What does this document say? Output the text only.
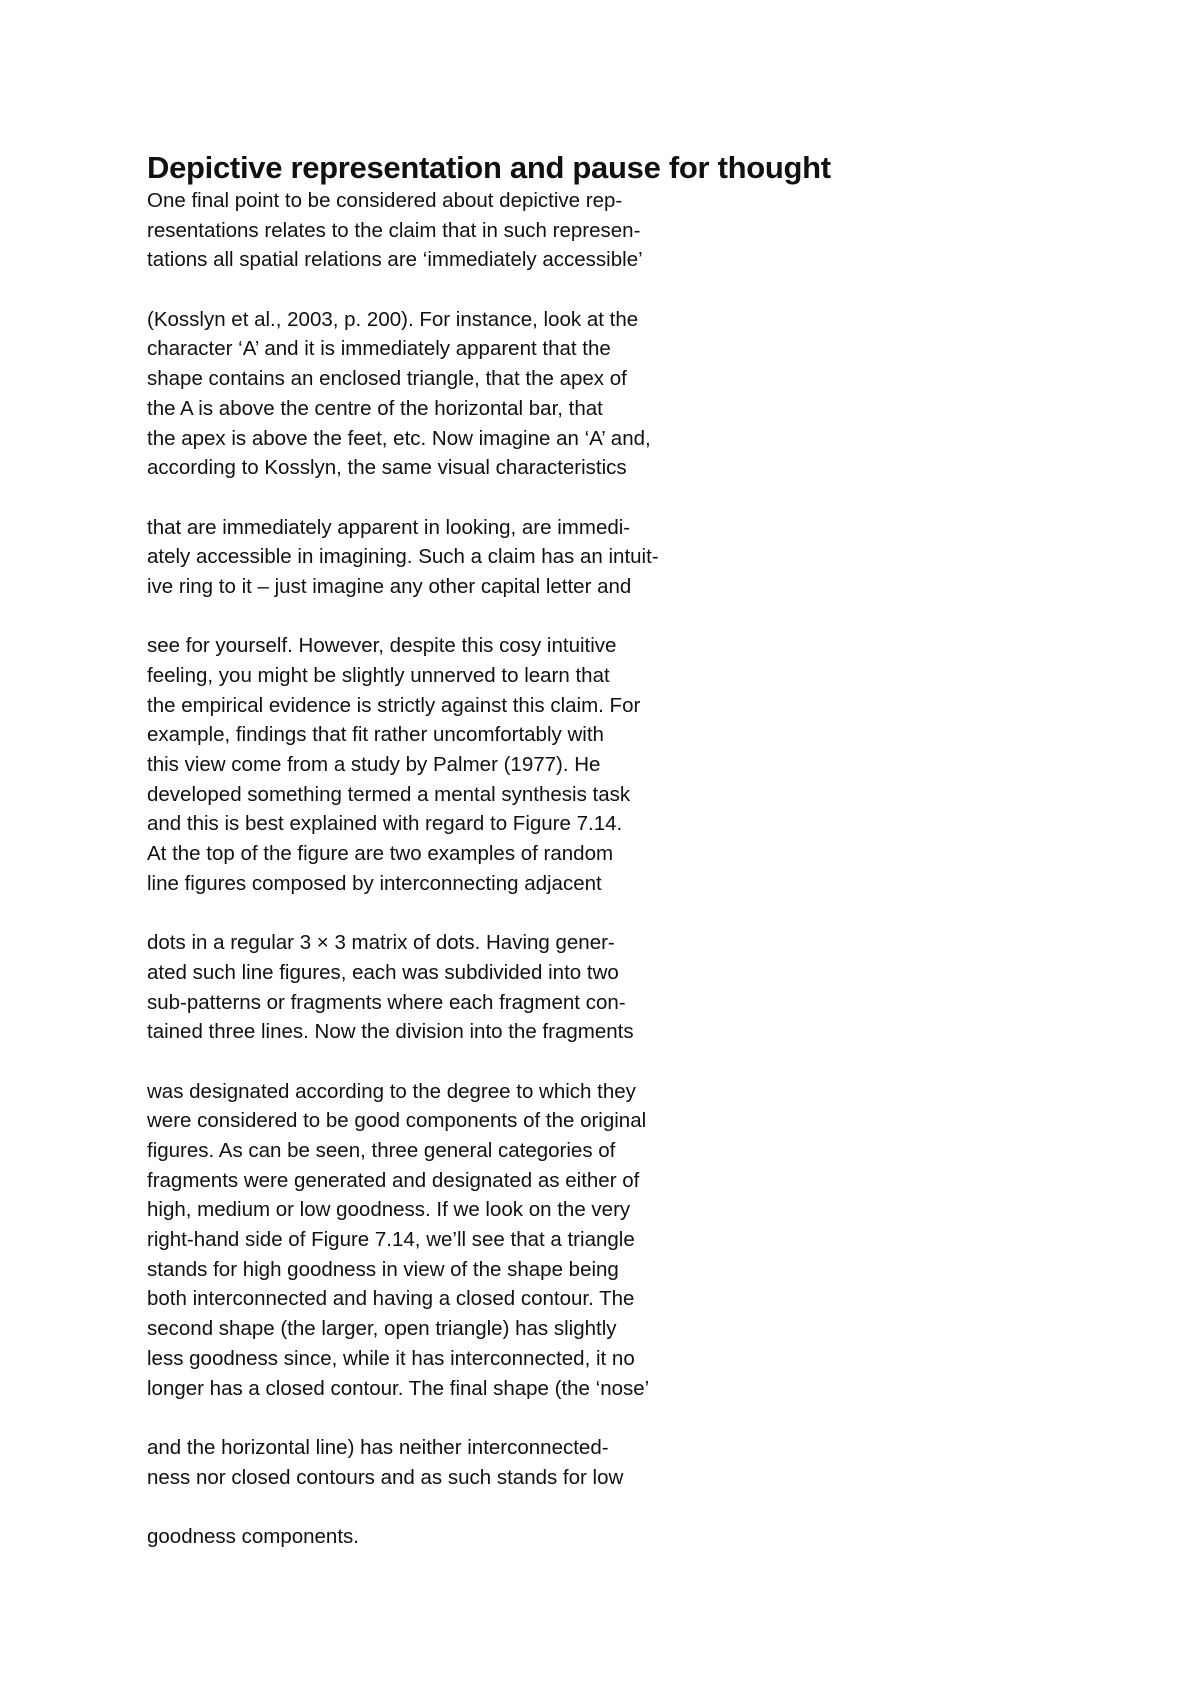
Depictive representation and pause for thought
One final point to be considered about depictive rep-
resentations relates to the claim that in such represen-
tations all spatial relations are ‘immediately accessible’
(Kosslyn et al., 2003, p. 200). For instance, look at the
character ‘A’ and it is immediately apparent that the
shape contains an enclosed triangle, that the apex of
the A is above the centre of the horizontal bar, that
the apex is above the feet, etc. Now imagine an ‘A’ and,
according to Kosslyn, the same visual characteristics
that are immediately apparent in looking, are immedi-
ately accessible in imagining. Such a claim has an intuit-
ive ring to it – just imagine any other capital letter and
see for yourself. However, despite this cosy intuitive
feeling, you might be slightly unnerved to learn that
the empirical evidence is strictly against this claim. For
example, findings that fit rather uncomfortably with
this view come from a study by Palmer (1977). He
developed something termed a mental synthesis task
and this is best explained with regard to Figure 7.14.
At the top of the figure are two examples of random
line figures composed by interconnecting adjacent
dots in a regular 3 × 3 matrix of dots. Having gener-
ated such line figures, each was subdivided into two
sub-patterns or fragments where each fragment con-
tained three lines. Now the division into the fragments
was designated according to the degree to which they
were considered to be good components of the original
figures. As can be seen, three general categories of
fragments were generated and designated as either of
high, medium or low goodness. If we look on the very
right-hand side of Figure 7.14, we’ll see that a triangle
stands for high goodness in view of the shape being
both interconnected and having a closed contour. The
second shape (the larger, open triangle) has slightly
less goodness since, while it has interconnected, it no
longer has a closed contour. The final shape (the ‘nose’
and the horizontal line) has neither interconnected-
ness nor closed contours and as such stands for low
goodness components.
